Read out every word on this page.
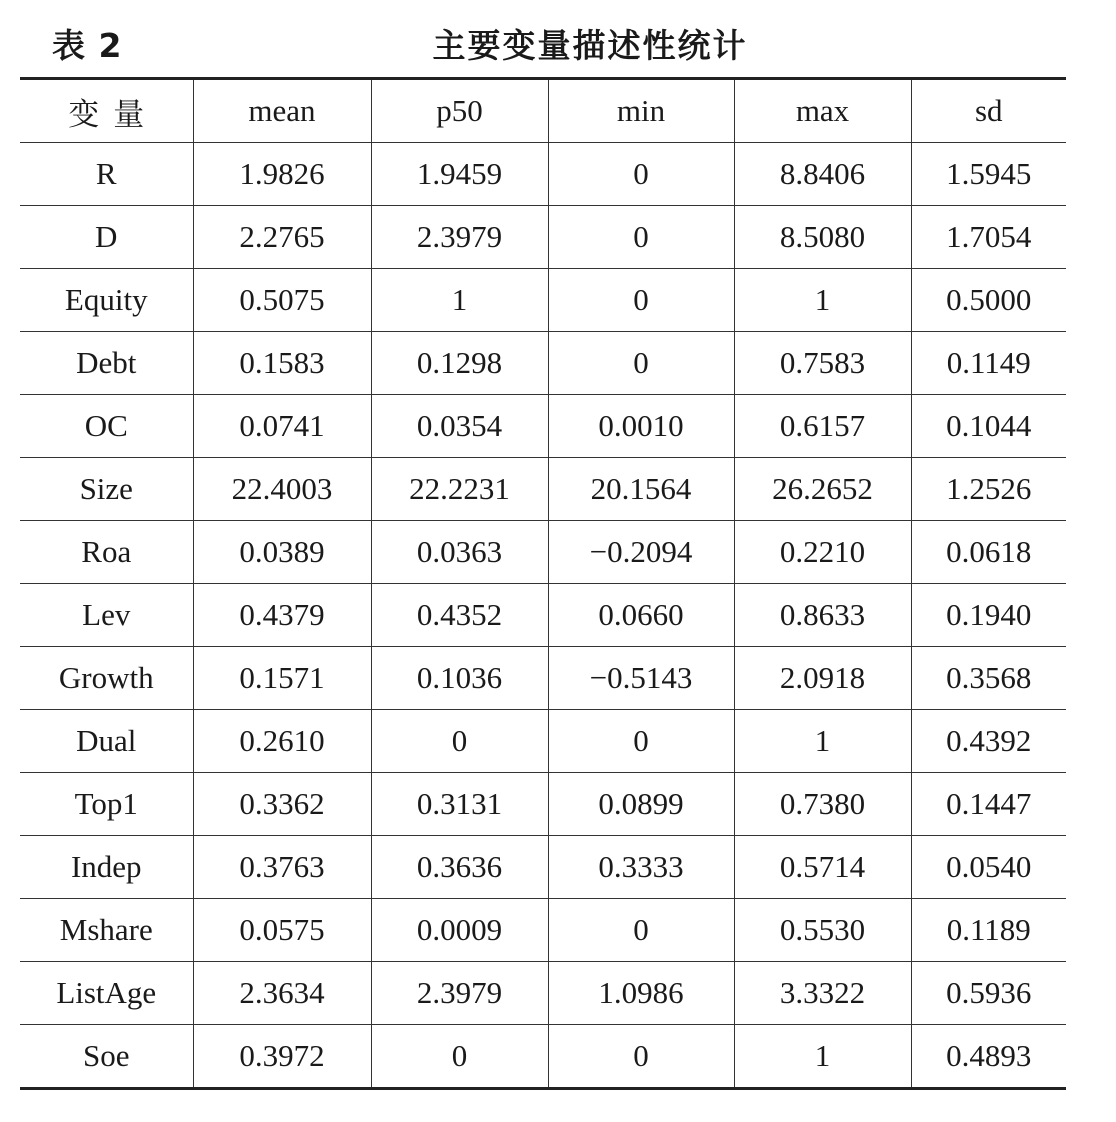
表 2	主要变量描述性统计
变量	mean	p50	min	max	sd
R	1.9826	1.9459	0	8.8406	1.5945
D	2.2765	2.3979	0	8.5080	1.7054
Equity	0.5075	1	0	1	0.5000
Debt	0.1583	0.1298	0	0.7583	0.1149
OC	0.0741	0.0354	0.0010	0.6157	0.1044
Size	22.4003	22.2231	20.1564	26.2652	1.2526
Roa	0.0389	0.0363	−0.2094	0.2210	0.0618
Lev	0.4379	0.4352	0.0660	0.8633	0.1940
Growth	0.1571	0.1036	−0.5143	2.0918	0.3568
Dual	0.2610	0	0	1	0.4392
Top1	0.3362	0.3131	0.0899	0.7380	0.1447
Indep	0.3763	0.3636	0.3333	0.5714	0.0540
Mshare	0.0575	0.0009	0	0.5530	0.1189
ListAge	2.3634	2.3979	1.0986	3.3322	0.5936
Soe	0.3972	0	0	1	0.4893
